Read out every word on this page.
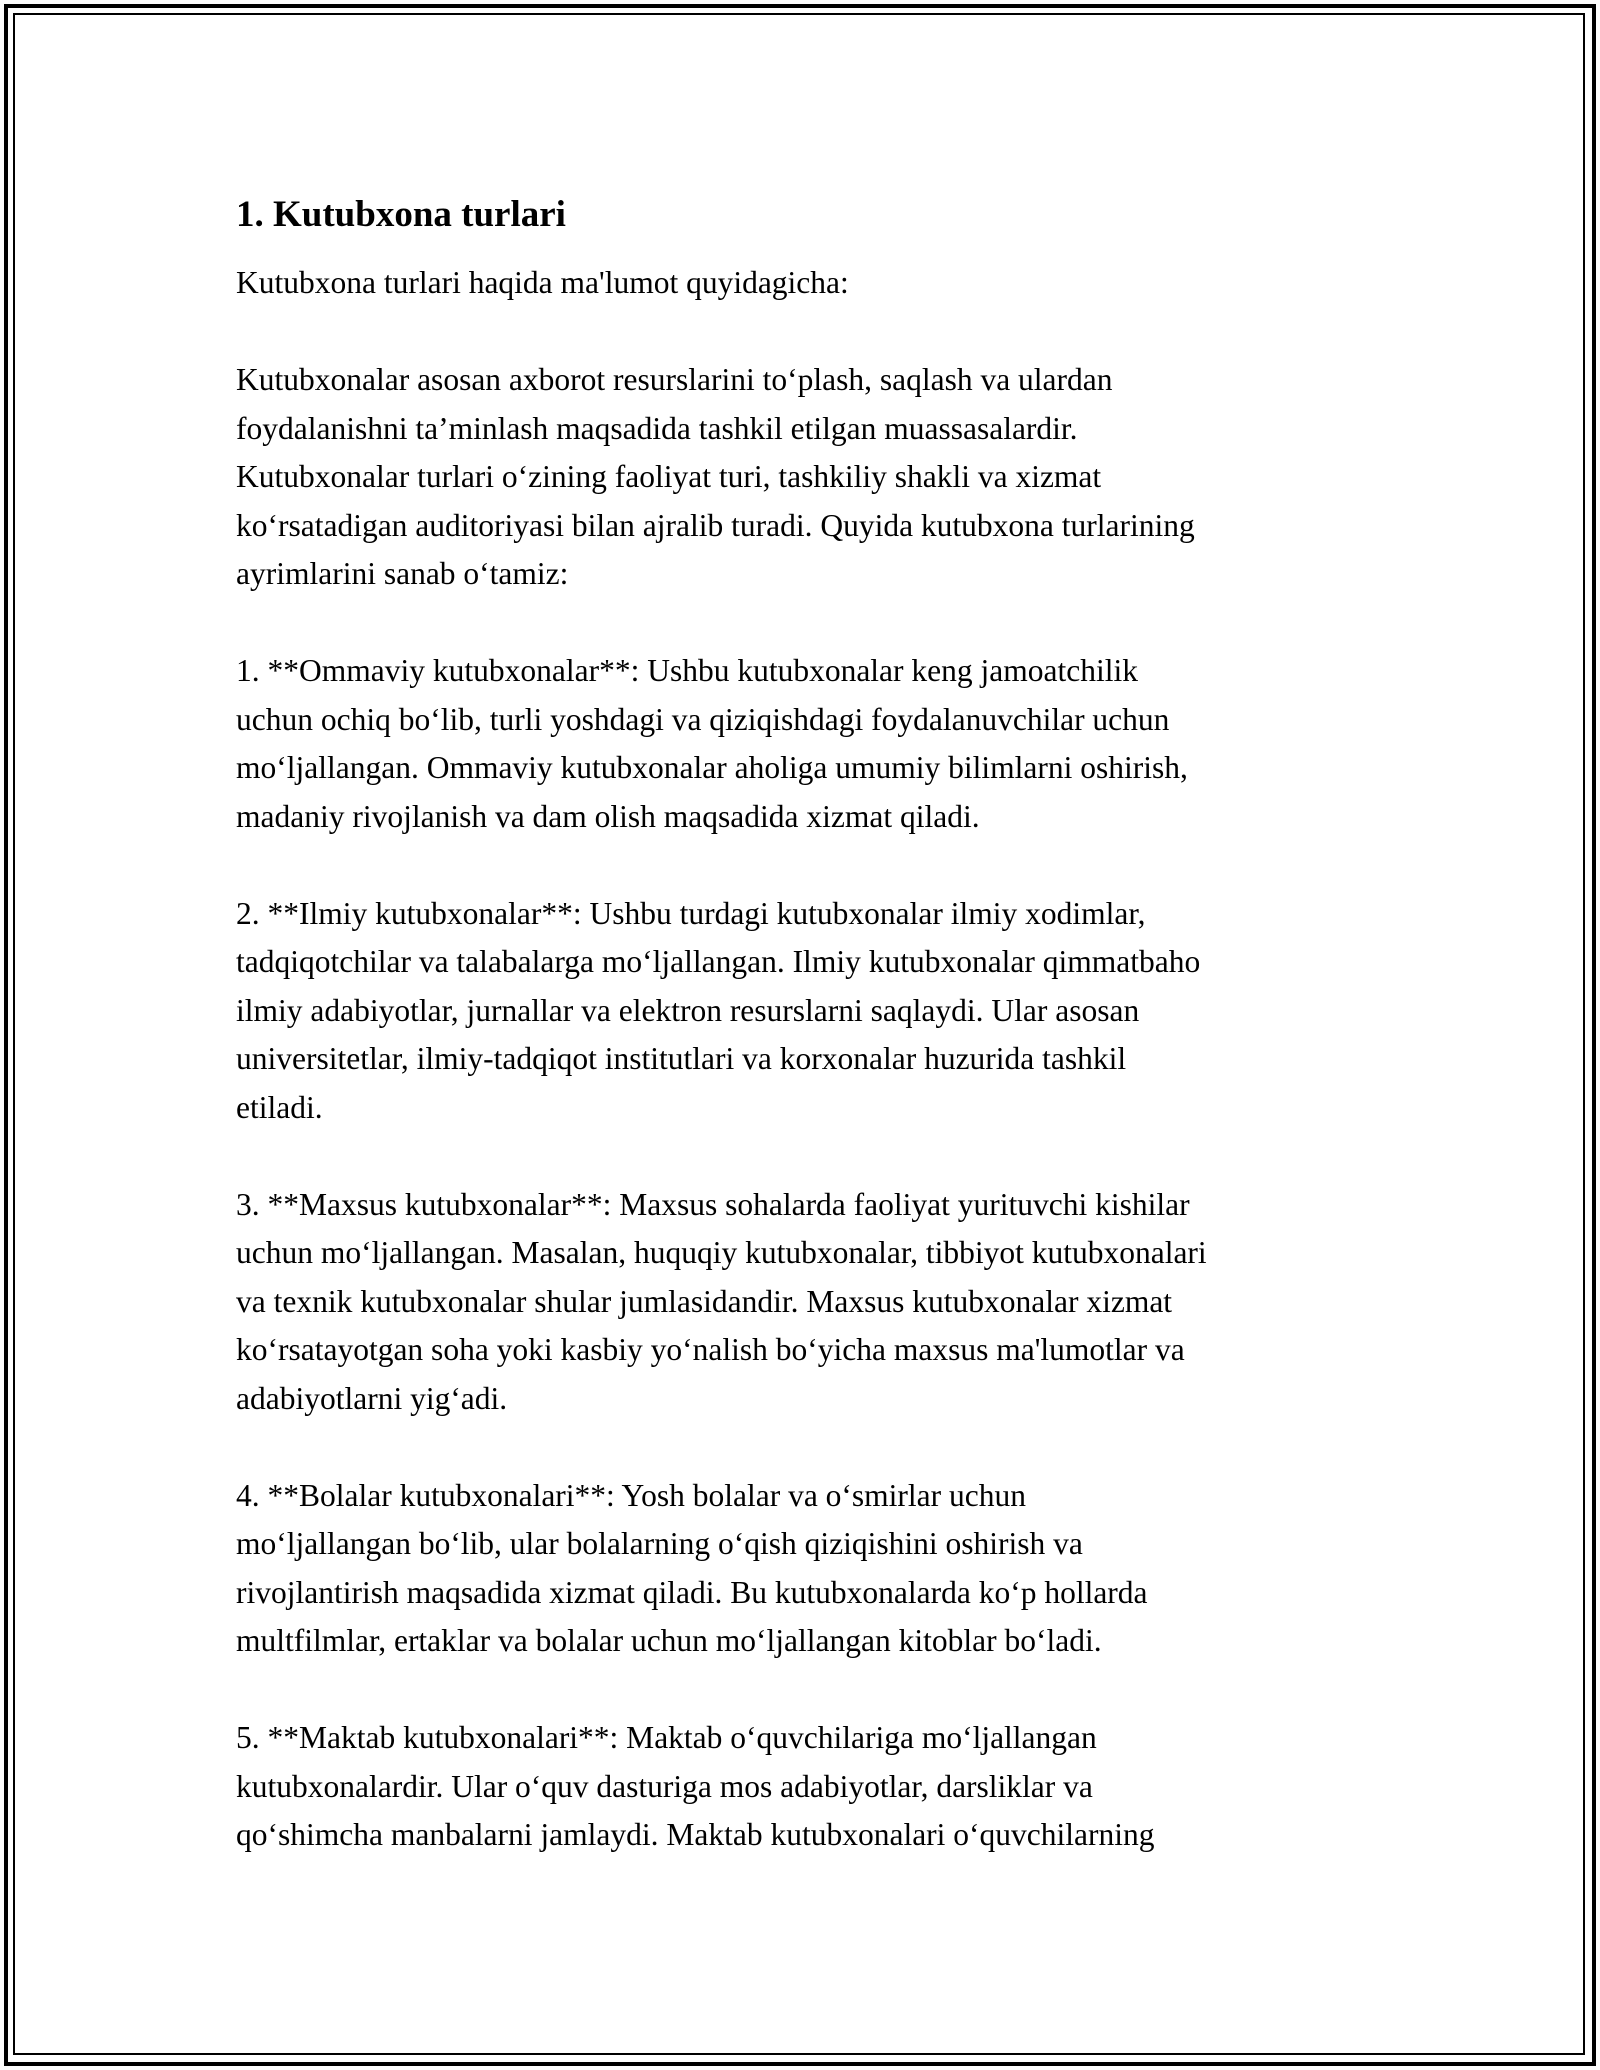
1. Kutubxona turlari
Kutubxona turlari haqida ma'lumot quyidagicha:
Kutubxonalar asosan axborot resurslarini to‘plash, saqlash va ulardan
foydalanishni ta’minlash maqsadida tashkil etilgan muassasalardir.
Kutubxonalar turlari o‘zining faoliyat turi, tashkiliy shakli va xizmat
ko‘rsatadigan auditoriyasi bilan ajralib turadi. Quyida kutubxona turlarining
ayrimlarini sanab o‘tamiz:
1. **Ommaviy kutubxonalar**: Ushbu kutubxonalar keng jamoatchilik
uchun ochiq bo‘lib, turli yoshdagi va qiziqishdagi foydalanuvchilar uchun
mo‘ljallangan. Ommaviy kutubxonalar aholiga umumiy bilimlarni oshirish,
madaniy rivojlanish va dam olish maqsadida xizmat qiladi.
2. **Ilmiy kutubxonalar**: Ushbu turdagi kutubxonalar ilmiy xodimlar,
tadqiqotchilar va talabalarga mo‘ljallangan. Ilmiy kutubxonalar qimmatbaho
ilmiy adabiyotlar, jurnallar va elektron resurslarni saqlaydi. Ular asosan
universitetlar, ilmiy-tadqiqot institutlari va korxonalar huzurida tashkil
etiladi.
3. **Maxsus kutubxonalar**: Maxsus sohalarda faoliyat yurituvchi kishilar
uchun mo‘ljallangan. Masalan, huquqiy kutubxonalar, tibbiyot kutubxonalari
va texnik kutubxonalar shular jumlasidandir. Maxsus kutubxonalar xizmat
ko‘rsatayotgan soha yoki kasbiy yo‘nalish bo‘yicha maxsus ma'lumotlar va
adabiyotlarni yig‘adi.
4. **Bolalar kutubxonalari**: Yosh bolalar va o‘smirlar uchun
mo‘ljallangan bo‘lib, ular bolalarning o‘qish qiziqishini oshirish va
rivojlantirish maqsadida xizmat qiladi. Bu kutubxonalarda ko‘p hollarda
multfilmlar, ertaklar va bolalar uchun mo‘ljallangan kitoblar bo‘ladi.
5. **Maktab kutubxonalari**: Maktab o‘quvchilariga mo‘ljallangan
kutubxonalardir. Ular o‘quv dasturiga mos adabiyotlar, darsliklar va
qo‘shimcha manbalarni jamlaydi. Maktab kutubxonalari o‘quvchilarning
